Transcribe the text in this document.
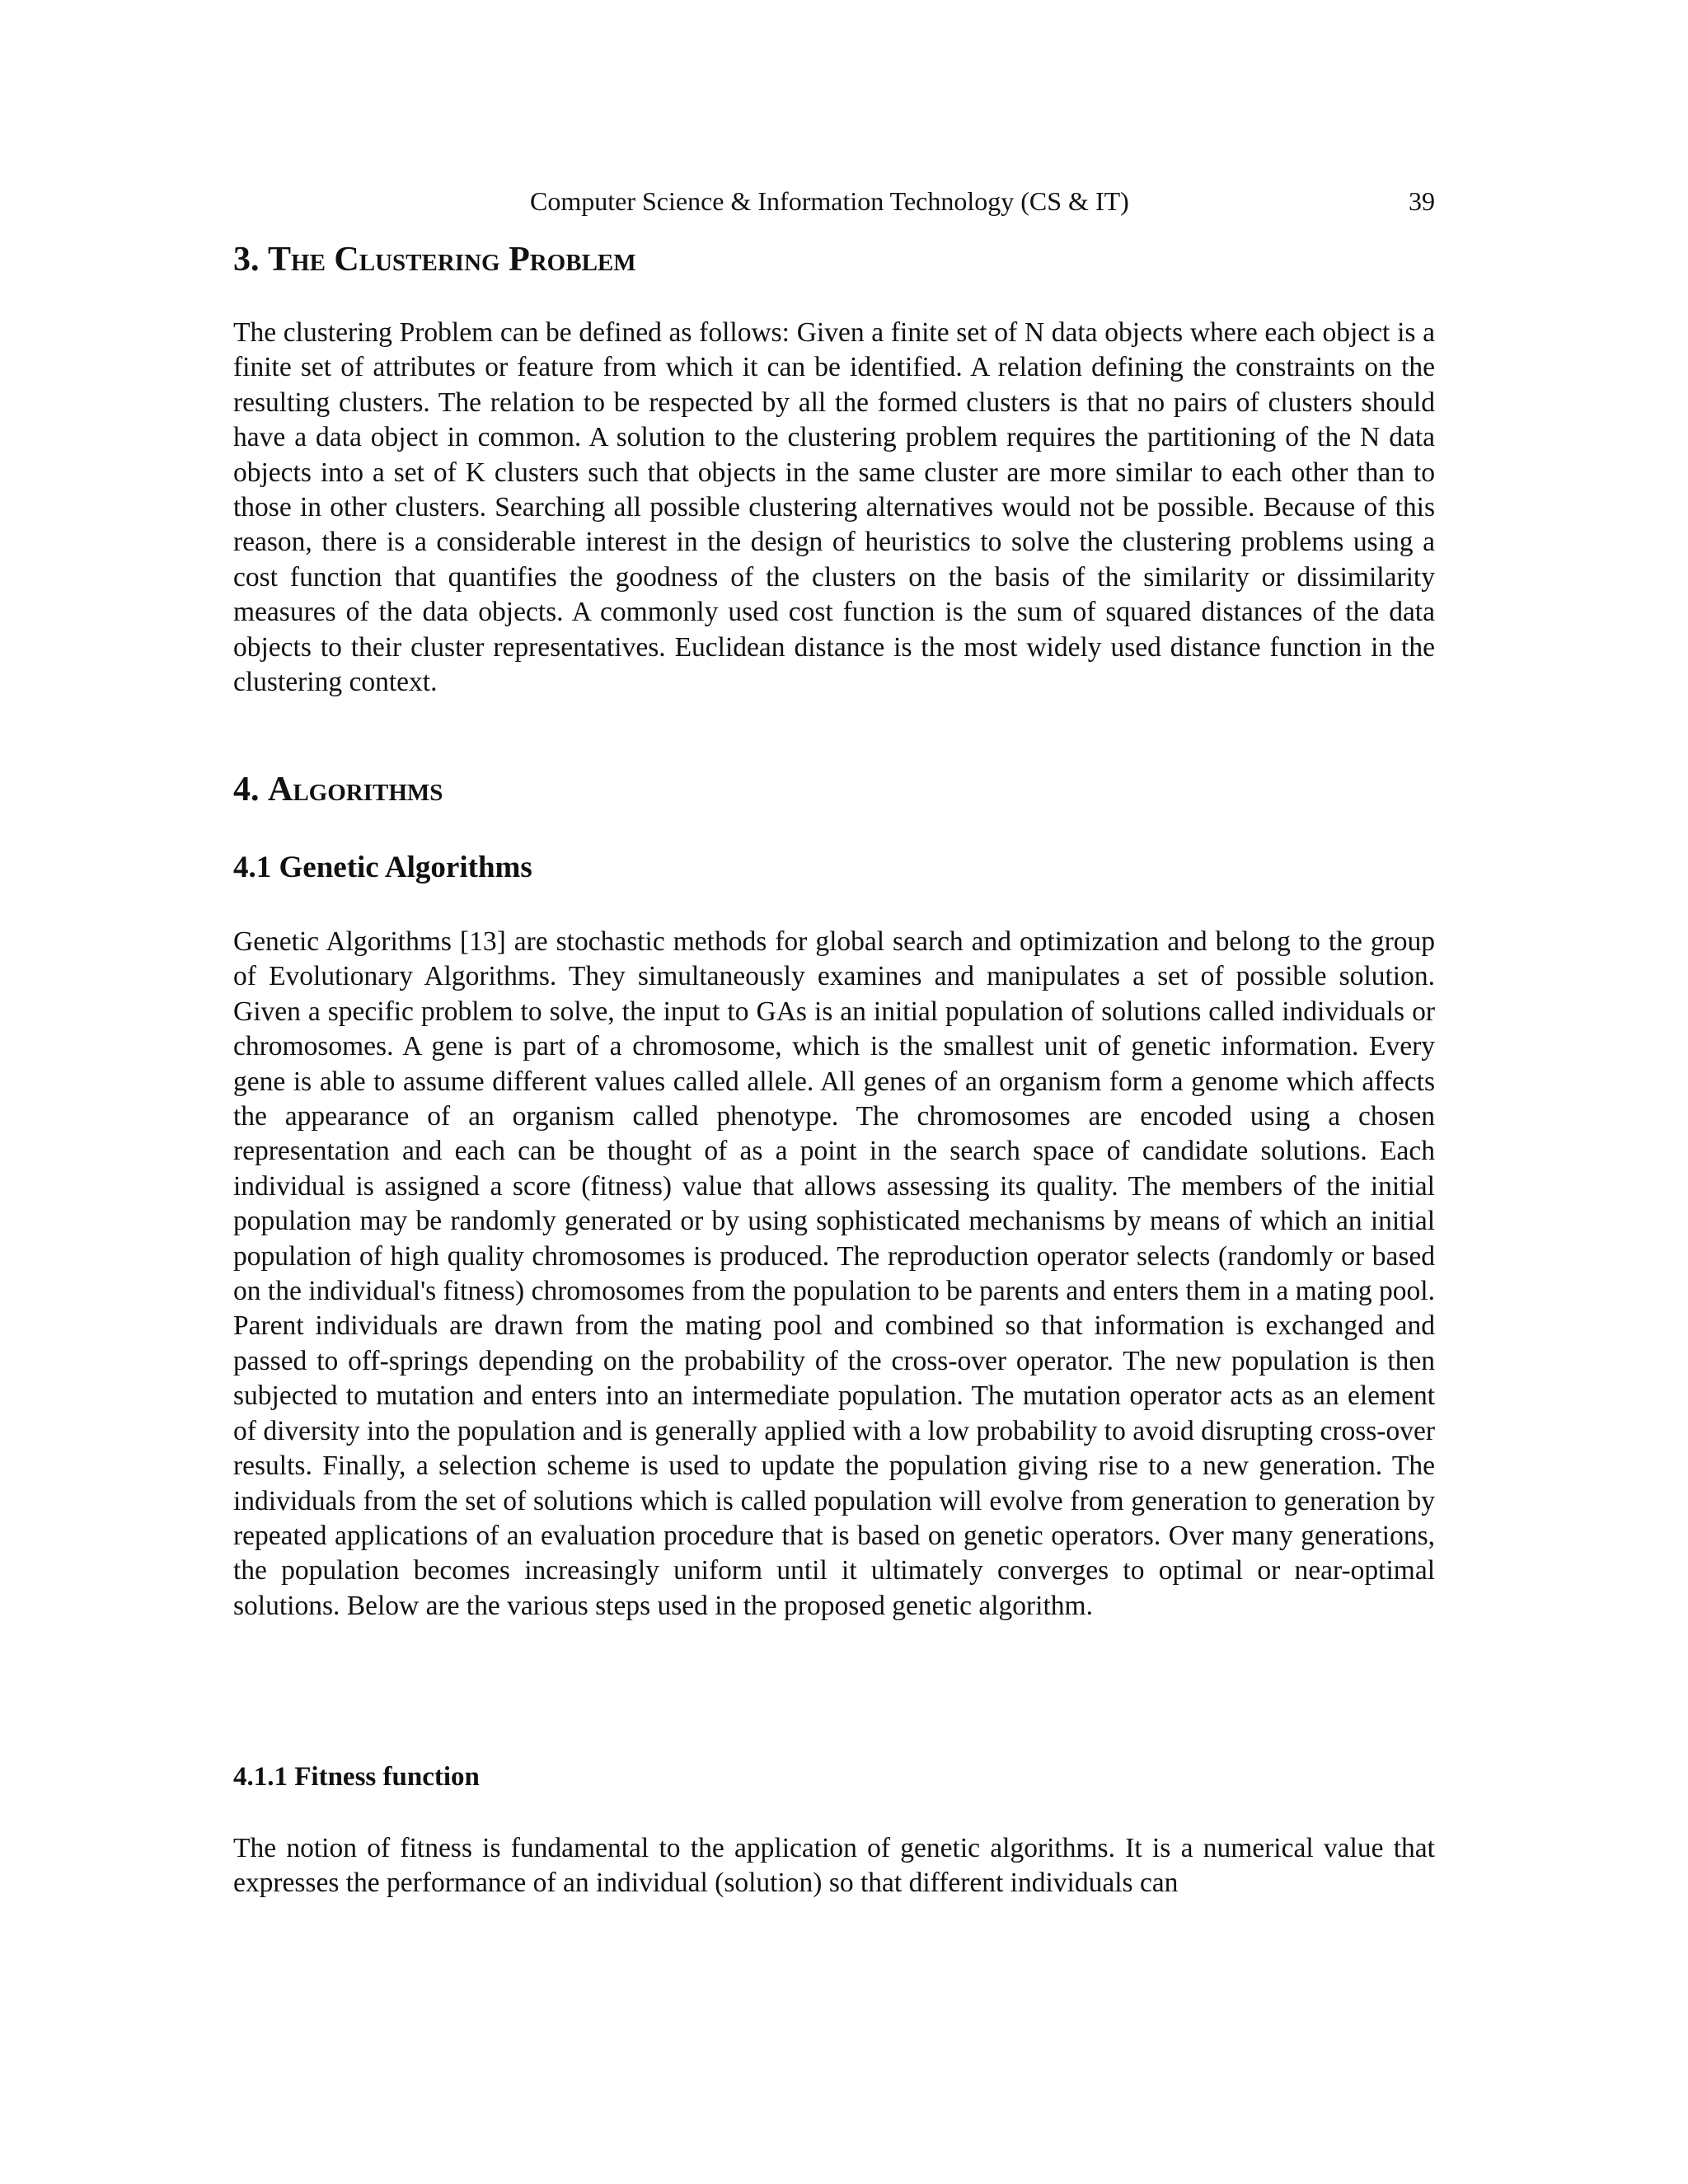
Computer Science & Information Technology (CS & IT)	39
3. The Clustering Problem

The clustering Problem can be defined as follows: Given a finite set of N data objects where each object is a finite set of attributes or feature from which it can be identified. A relation defining the constraints on the resulting clusters. The relation to be respected by all the formed clusters is that no pairs of clusters should have a data object in common. A solution to the clustering problem requires the partitioning of the N data objects into a set of K clusters such that objects in the same cluster are more similar to each other than to those in other clusters. Searching all possible clustering alternatives would not be possible. Because of this reason, there is a considerable interest in the design of heuristics to solve the clustering problems using a cost function that quantifies the goodness of the clusters on the basis of the similarity or dissimilarity measures of the data objects. A commonly used cost function is the sum of squared distances of the data objects to their cluster representatives. Euclidean distance is the most widely used distance function in the clustering context.

4. Algorithms
4.1 Genetic Algorithms

Genetic Algorithms [13] are stochastic methods for global search and optimization and belong to the group of Evolutionary Algorithms. They simultaneously examines and manipulates a set of possible solution. Given a specific problem to solve, the input to GAs is an initial population of solutions called individuals or chromosomes. A gene is part of a chromosome, which is the smallest unit of genetic information. Every gene is able to assume different values called allele. All genes of an organism form a genome which affects the appearance of an organism called phenotype. The chromosomes are encoded using a chosen representation and each can be thought of as a point in the search space of candidate solutions. Each individual is assigned a score (fitness) value that allows assessing its quality. The members of the initial population may be randomly generated or by using sophisticated mechanisms by means of which an initial population of high quality chromosomes is produced. The reproduction operator selects (randomly or based on the individual's fitness) chromosomes from the population to be parents and enters them in a mating pool. Parent individuals are drawn from the mating pool and combined so that information is exchanged and passed to off-springs depending on the probability of the cross-over operator. The new population is then subjected to mutation and enters into an intermediate population. The mutation operator acts as an element of diversity into the population and is generally applied with a low probability to avoid disrupting cross-over results. Finally, a selection scheme is used to update the population giving rise to a new generation. The individuals from the set of solutions which is called population will evolve from generation to generation by repeated applications of an evaluation procedure that is based on genetic operators. Over many generations, the population becomes increasingly uniform until it ultimately converges to optimal or near-optimal solutions. Below are the various steps used in the proposed genetic algorithm.

4.1.1 Fitness function

The notion of fitness is fundamental to the application of genetic algorithms. It is a numerical value that expresses the performance of an individual (solution) so that different individuals can
